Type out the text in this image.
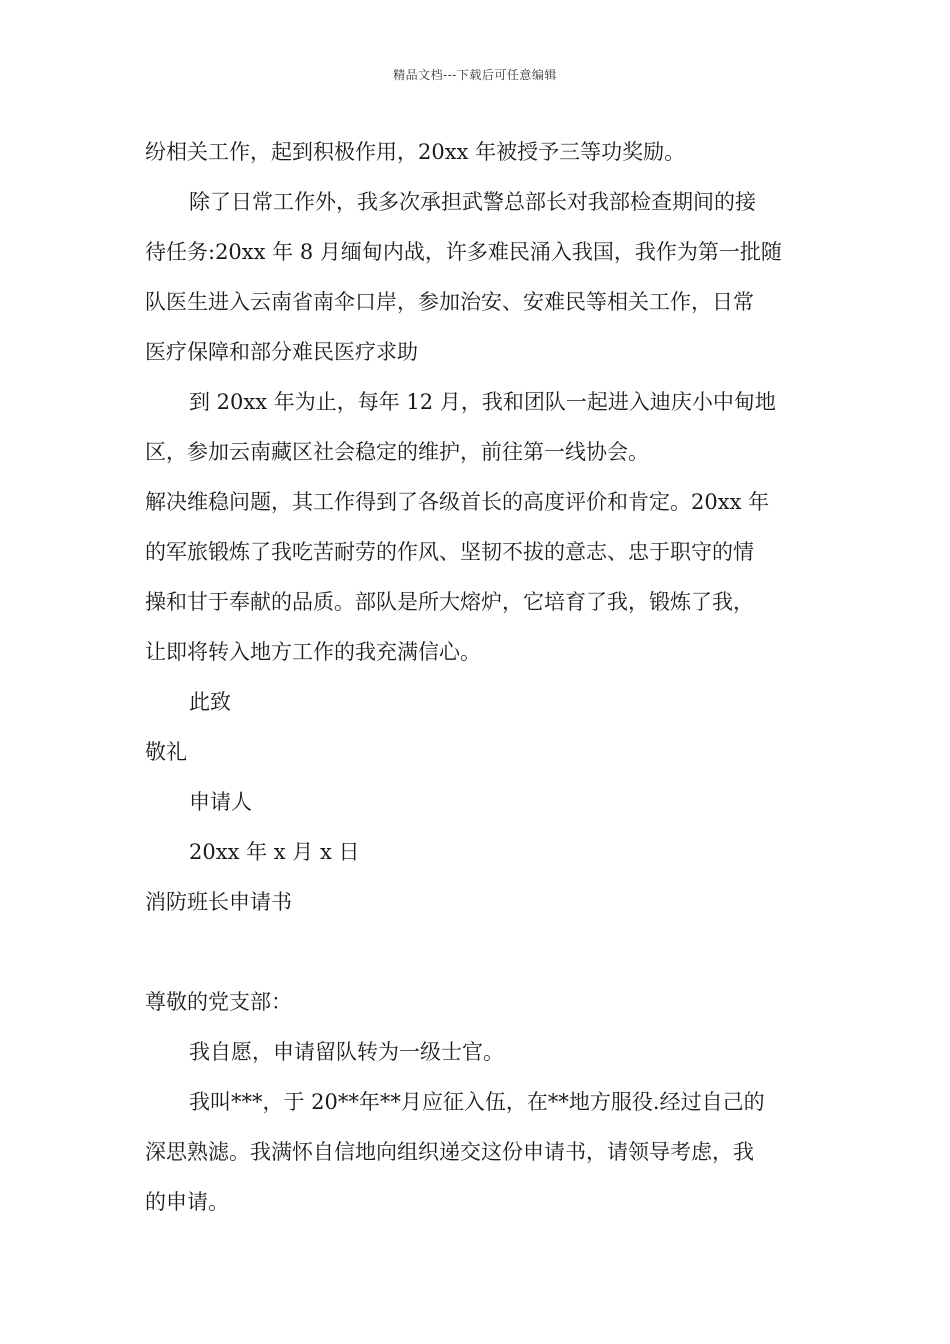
精品文档---下载后可任意编辑
纷相关工作，起到积极作用，20xx 年被授予三等功奖励。
除了日常工作外，我多次承担武警总部长对我部检查期间的接
待任务:20xx 年 8 月缅甸内战，许多难民涌入我国，我作为第一批随
队医生进入云南省南伞口岸，参加治安、安难民等相关工作，日常
医疗保障和部分难民医疗求助
到 20xx 年为止，每年 12 月，我和团队一起进入迪庆小中甸地
区，参加云南藏区社会稳定的维护，前往第一线协会。
解决维稳问题，其工作得到了各级首长的高度评价和肯定。20xx 年
的军旅锻炼了我吃苦耐劳的作风、坚韧不拔的意志、忠于职守的情
操和甘于奉献的品质。部队是所大熔炉，它培育了我，锻炼了我，
让即将转入地方工作的我充满信心。
此致
敬礼
申请人
20xx 年 x 月 x 日
消防班长申请书
尊敬的党支部：
我自愿，申请留队转为一级士官。
我叫***，于 20**年**月应征入伍，在**地方服役.经过自己的
深思熟滤。我满怀自信地向组织递交这份申请书，请领导考虑，我
的申请。
